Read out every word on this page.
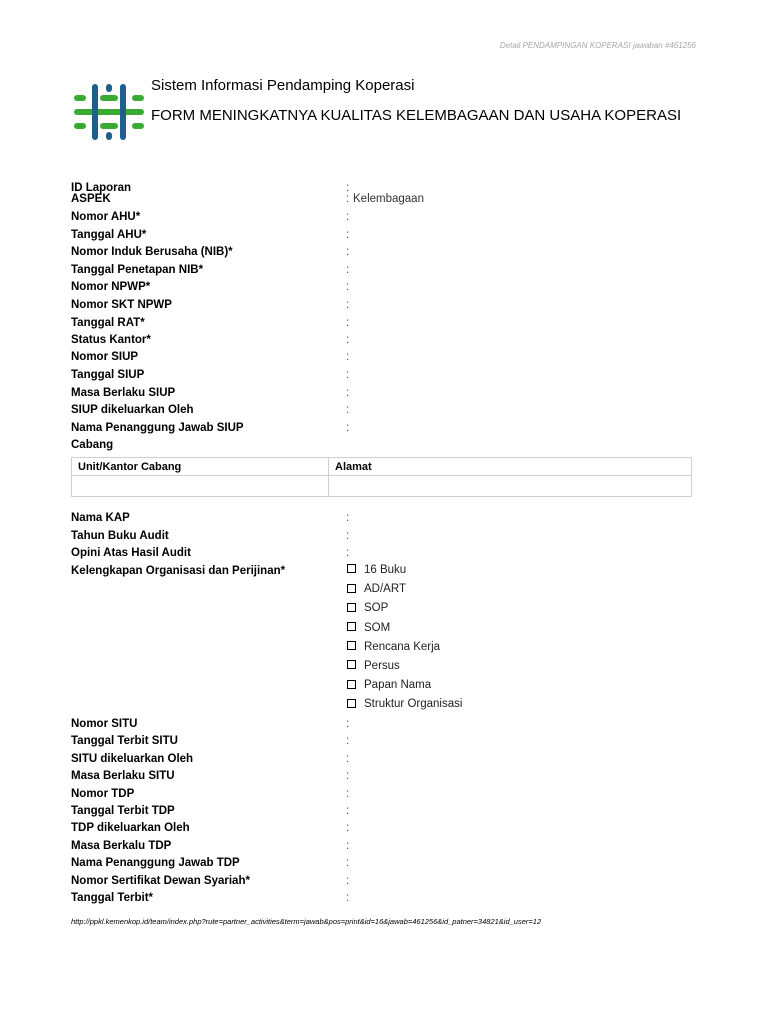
Detail PENDAMPINGAN KOPERASI jawaban #461256
Sistem Informasi Pendamping Koperasi
FORM MENINGKATNYA KUALITAS KELEMBAGAAN DAN USAHA KOPERASI
ID Laporan	:
ASPEK	: Kelembagaan
Nomor AHU*	:
Tanggal AHU*	:
Nomor Induk Berusaha (NIB)*	:
Tanggal Penetapan NIB*	:
Nomor NPWP*	:
Nomor SKT NPWP	:
Tanggal RAT*	:
Status Kantor*	:
Nomor SIUP	:
Tanggal SIUP	:
Masa Berlaku SIUP	:
SIUP dikeluarkan Oleh	:
Nama Penanggung Jawab SIUP	:
Cabang
Unit/Kantor Cabang	Alamat

Nama KAP	:
Tahun Buku Audit	:
Opini Atas Hasil Audit	:
Kelengkapan Organisasi dan Perijinan*	16 Buku
AD/ART
SOP
SOM
Rencana Kerja
Persus
Papan Nama
Struktur Organisasi
Nomor SITU	:
Tanggal Terbit SITU	:
SITU dikeluarkan Oleh	:
Masa Berlaku SITU	:
Nomor TDP	:
Tanggal Terbit TDP	:
TDP dikeluarkan Oleh	:
Masa Berkalu TDP	:
Nama Penanggung Jawab TDP	:
Nomor Sertifikat Dewan Syariah*	:
Tanggal Terbit*	:
http://ppkl.kemenkop.id/team/index.php?rute=partner_activities&term=jawab&pos=print&id=16&jawab=461256&id_patner=34821&id_user=12
